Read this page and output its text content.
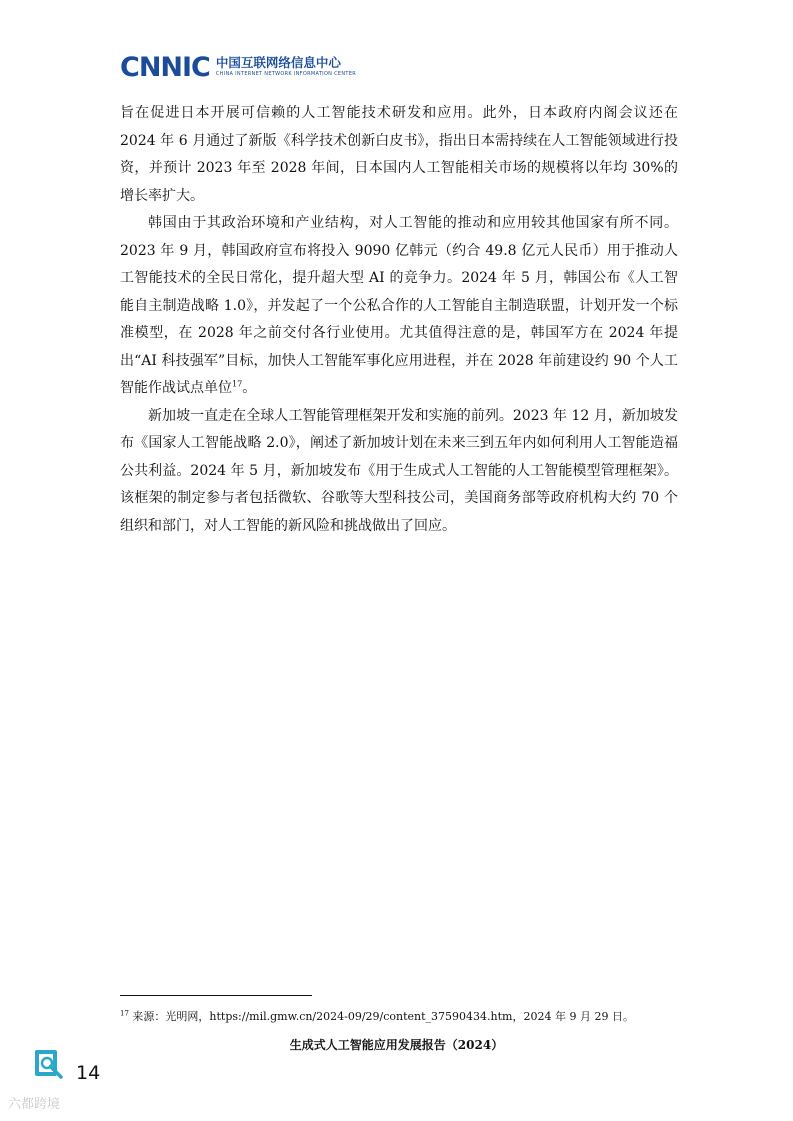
CNNIC 中国互联网络信息中心
CHINA INTERNET NETWORK INFORMATION CENTER

旨在促进日本开展可信赖的人工智能技术研发和应用。此外，日本政府内阁会议还在 2024 年 6 月通过了新版《科学技术创新白皮书》，指出日本需持续在人工智能领域进行投资，并预计 2023 年至 2028 年间，日本国内人工智能相关市场的规模将以年均 30%的增长率扩大。

韩国由于其政治环境和产业结构，对人工智能的推动和应用较其他国家有所不同。2023 年 9 月，韩国政府宣布将投入 9090 亿韩元（约合 49.8 亿元人民币）用于推动人工智能技术的全民日常化，提升超大型 AI 的竞争力。2024 年 5 月，韩国公布《人工智能自主制造战略 1.0》，并发起了一个公私合作的人工智能自主制造联盟，计划开发一个标准模型，在 2028 年之前交付各行业使用。尤其值得注意的是，韩国军方在 2024 年提出“AI 科技强军”目标，加快人工智能军事化应用进程，并在 2028 年前建设约 90 个人工智能作战试点单位$^{17}$。

新加坡一直走在全球人工智能管理框架开发和实施的前列。2023 年 12 月，新加坡发布《国家人工智能战略 2.0》，阐述了新加坡计划在未来三到五年内如何利用人工智能造福公共利益。2024 年 5 月，新加坡发布《用于生成式人工智能的人工智能模型管理框架》。该框架的制定参与者包括微软、谷歌等大型科技公司，美国商务部等政府机构大约 70 个组织和部门，对人工智能的新风险和挑战做出了回应。

$^{17}$ 来源：光明网，https://mil.gmw.cn/2024-09/29/content_37590434.htm，2024 年 9 月 29 日。
生成式人工智能应用发展报告（2024）
14
六都跨境
